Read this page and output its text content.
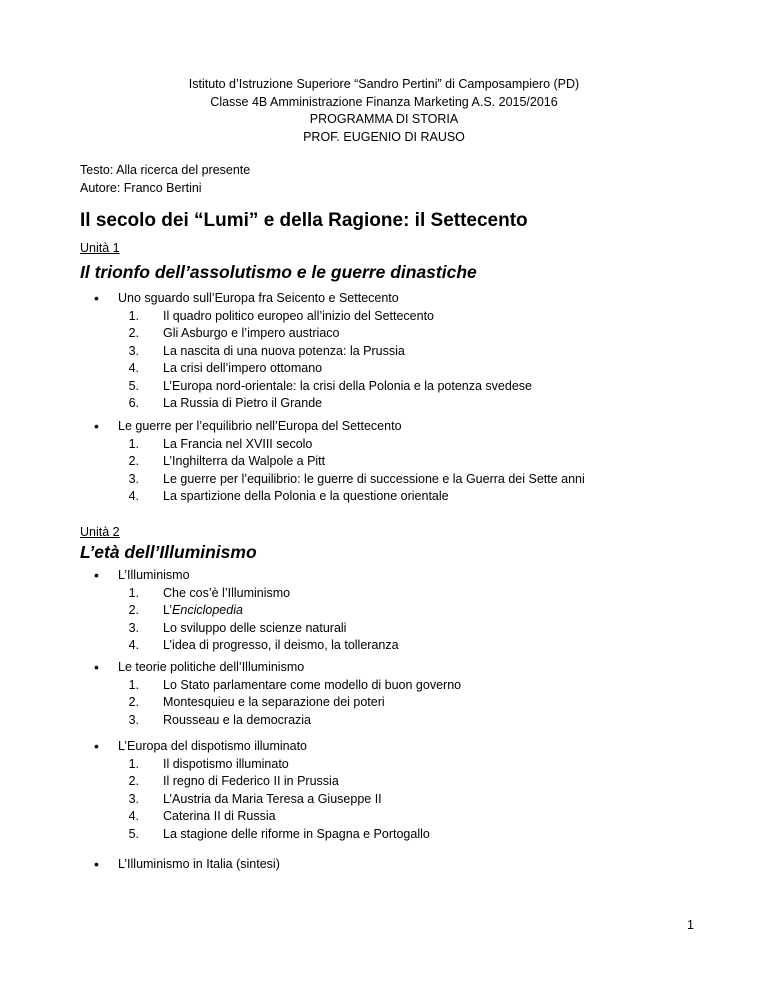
Istituto d’Istruzione Superiore “Sandro Pertini” di Camposampiero (PD)
Classe 4B Amministrazione Finanza Marketing A.S. 2015/2016
PROGRAMMA DI STORIA
PROF. EUGENIO DI RAUSO
Testo: Alla ricerca del presente
Autore: Franco Bertini
Il secolo dei “Lumi” e della Ragione: il Settecento
Unità 1
Il trionfo dell’assolutismo e le guerre dinastiche
•
Uno sguardo sull’Europa fra Seicento e Settecento
1. Il quadro politico europeo all’inizio del Settecento
2. Gli Asburgo e l’impero austriaco
3. La nascita di una nuova potenza: la Prussia
4. La crisi dell’impero ottomano
5. L’Europa nord-orientale: la crisi della Polonia e la potenza svedese
6. La Russia di Pietro il Grande
•
Le guerre per l’equilibrio nell’Europa del Settecento
1. La Francia nel XVIII secolo
2. L’Inghilterra da Walpole a Pitt
3. Le guerre per l’equilibrio: le guerre di successione e la Guerra dei Sette anni
4. La spartizione della Polonia e la questione orientale
Unità 2
L’età dell’Illuminismo
•
L’Illuminismo
1. Che cos’è l’Illuminismo
2. L’Enciclopedia
3. Lo sviluppo delle scienze naturali
4. L’idea di progresso, il deismo, la tolleranza
•
Le teorie politiche dell’Illuminismo
1. Lo Stato parlamentare come modello di buon governo
2. Montesquieu e la separazione dei poteri
3. Rousseau e la democrazia
•
L’Europa del dispotismo illuminato
1. Il dispotismo illuminato
2. Il regno di Federico II in Prussia
3. L’Austria da Maria Teresa a Giuseppe II
4. Caterina II di Russia
5. La stagione delle riforme in Spagna e Portogallo
•
L’Illuminismo in Italia (sintesi)
1
